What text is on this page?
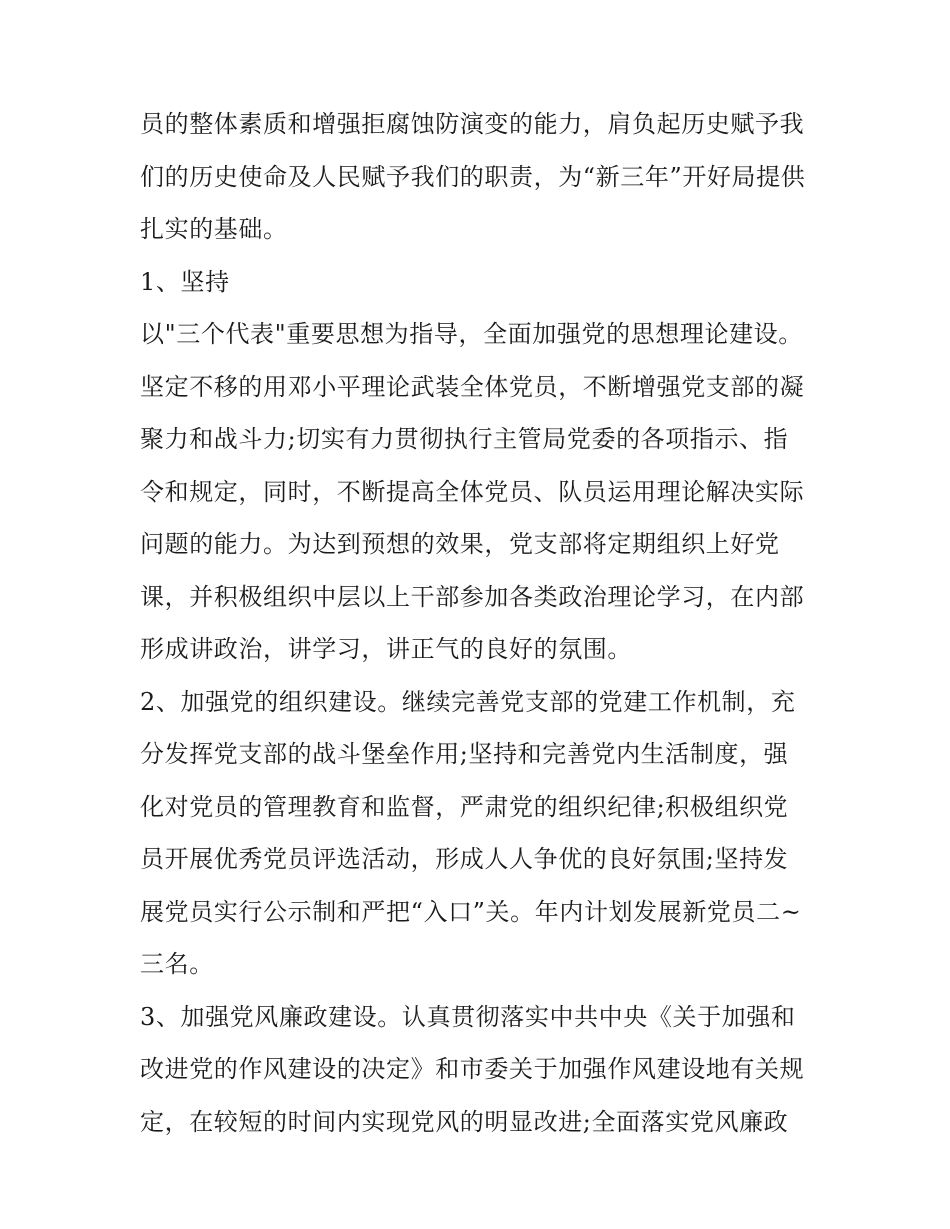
员的整体素质和增强拒腐蚀防演变的能力，肩负起历史赋予我

们的历史使命及人民赋予我们的职责，为“新三年”开好局提供

扎实的基础。

1、坚持

以"三个代表"重要思想为指导，全面加强党的思想理论建设。

坚定不移的用邓小平理论武装全体党员，不断增强党支部的凝

聚力和战斗力;切实有力贯彻执行主管局党委的各项指示、指

令和规定，同时，不断提高全体党员、队员运用理论解决实际

问题的能力。为达到预想的效果，党支部将定期组织上好党

课，并积极组织中层以上干部参加各类政治理论学习，在内部

形成讲政治，讲学习，讲正气的良好的氛围。

2、加强党的组织建设。继续完善党支部的党建工作机制，充

分发挥党支部的战斗堡垒作用;坚持和完善党内生活制度，强

化对党员的管理教育和监督，严肃党的组织纪律;积极组织党

员开展优秀党员评选活动，形成人人争优的良好氛围;坚持发

展党员实行公示制和严把“入口”关。年内计划发展新党员二~

三名。

3、加强党风廉政建设。认真贯彻落实中共中央《关于加强和

改进党的作风建设的决定》和市委关于加强作风建设地有关规

定，在较短的时间内实现党风的明显改进;全面落实党风廉政
